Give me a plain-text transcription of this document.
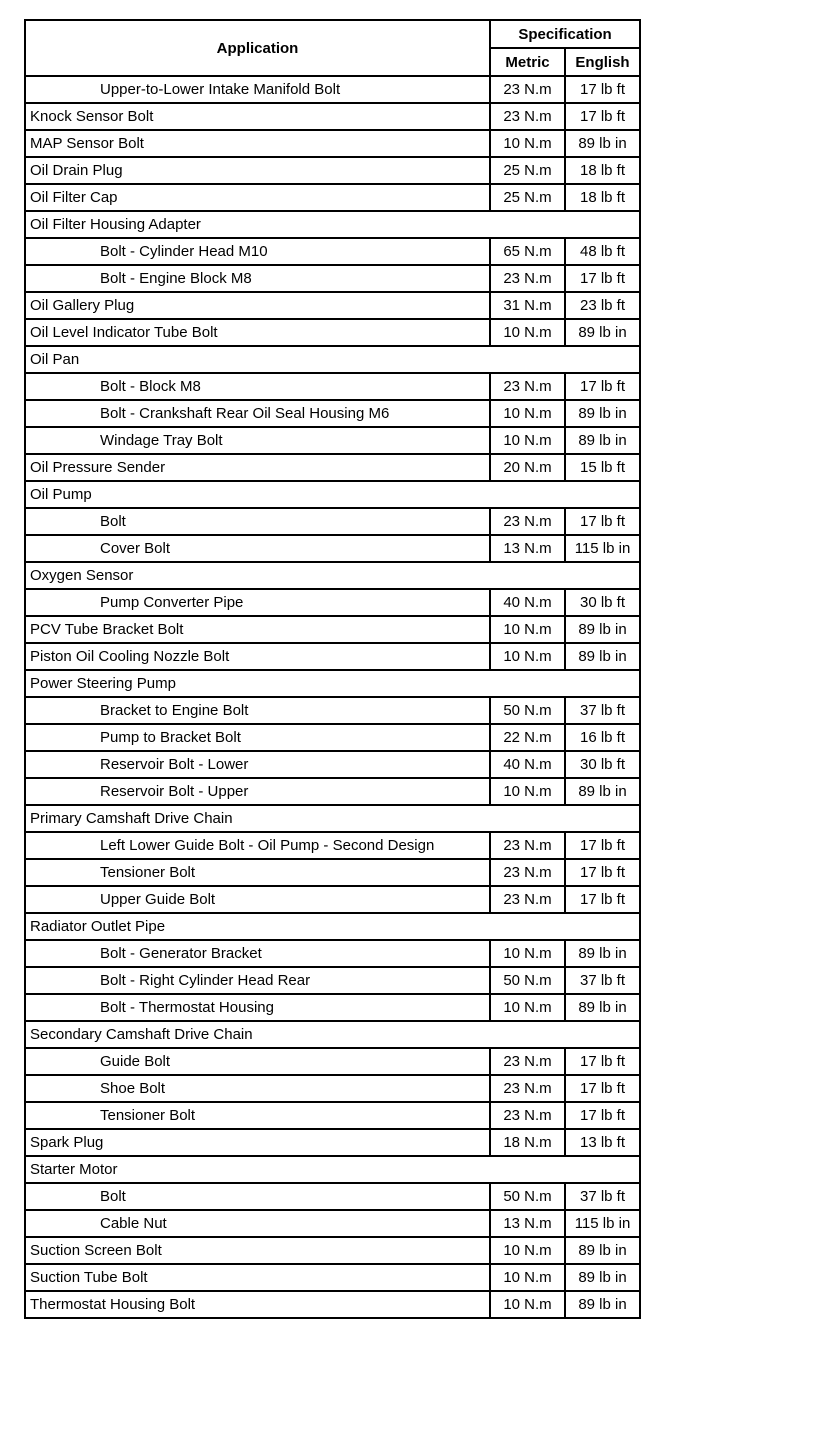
Application	Specification	
	Metric	English
Upper-to-Lower Intake Manifold Bolt	23 N.m	17 lb ft
Knock Sensor Bolt	23 N.m	17 lb ft
MAP Sensor Bolt	10 N.m	89 lb in
Oil Drain Plug	25 N.m	18 lb ft
Oil Filter Cap	25 N.m	18 lb ft
Oil Filter Housing Adapter		
Bolt - Cylinder Head M10	65 N.m	48 lb ft
Bolt - Engine Block M8	23 N.m	17 lb ft
Oil Gallery Plug	31 N.m	23 lb ft
Oil Level Indicator Tube Bolt	10 N.m	89 lb in
Oil Pan		
Bolt - Block M8	23 N.m	17 lb ft
Bolt - Crankshaft Rear Oil Seal Housing M6	10 N.m	89 lb in
Windage Tray Bolt	10 N.m	89 lb in
Oil Pressure Sender	20 N.m	15 lb ft
Oil Pump		
Bolt	23 N.m	17 lb ft
Cover Bolt	13 N.m	115 lb in
Oxygen Sensor		
Pump Converter Pipe	40 N.m	30 lb ft
PCV Tube Bracket Bolt	10 N.m	89 lb in
Piston Oil Cooling Nozzle Bolt	10 N.m	89 lb in
Power Steering Pump		
Bracket to Engine Bolt	50 N.m	37 lb ft
Pump to Bracket Bolt	22 N.m	16 lb ft
Reservoir Bolt - Lower	40 N.m	30 lb ft
Reservoir Bolt - Upper	10 N.m	89 lb in
Primary Camshaft Drive Chain		
Left Lower Guide Bolt - Oil Pump - Second Design	23 N.m	17 lb ft
Tensioner Bolt	23 N.m	17 lb ft
Upper Guide Bolt	23 N.m	17 lb ft
Radiator Outlet Pipe		
Bolt - Generator Bracket	10 N.m	89 lb in
Bolt - Right Cylinder Head Rear	50 N.m	37 lb ft
Bolt - Thermostat Housing	10 N.m	89 lb in
Secondary Camshaft Drive Chain		
Guide Bolt	23 N.m	17 lb ft
Shoe Bolt	23 N.m	17 lb ft
Tensioner Bolt	23 N.m	17 lb ft
Spark Plug	18 N.m	13 lb ft
Starter Motor		
Bolt	50 N.m	37 lb ft
Cable Nut	13 N.m	115 lb in
Suction Screen Bolt	10 N.m	89 lb in
Suction Tube Bolt	10 N.m	89 lb in
Thermostat Housing Bolt	10 N.m	89 lb in
